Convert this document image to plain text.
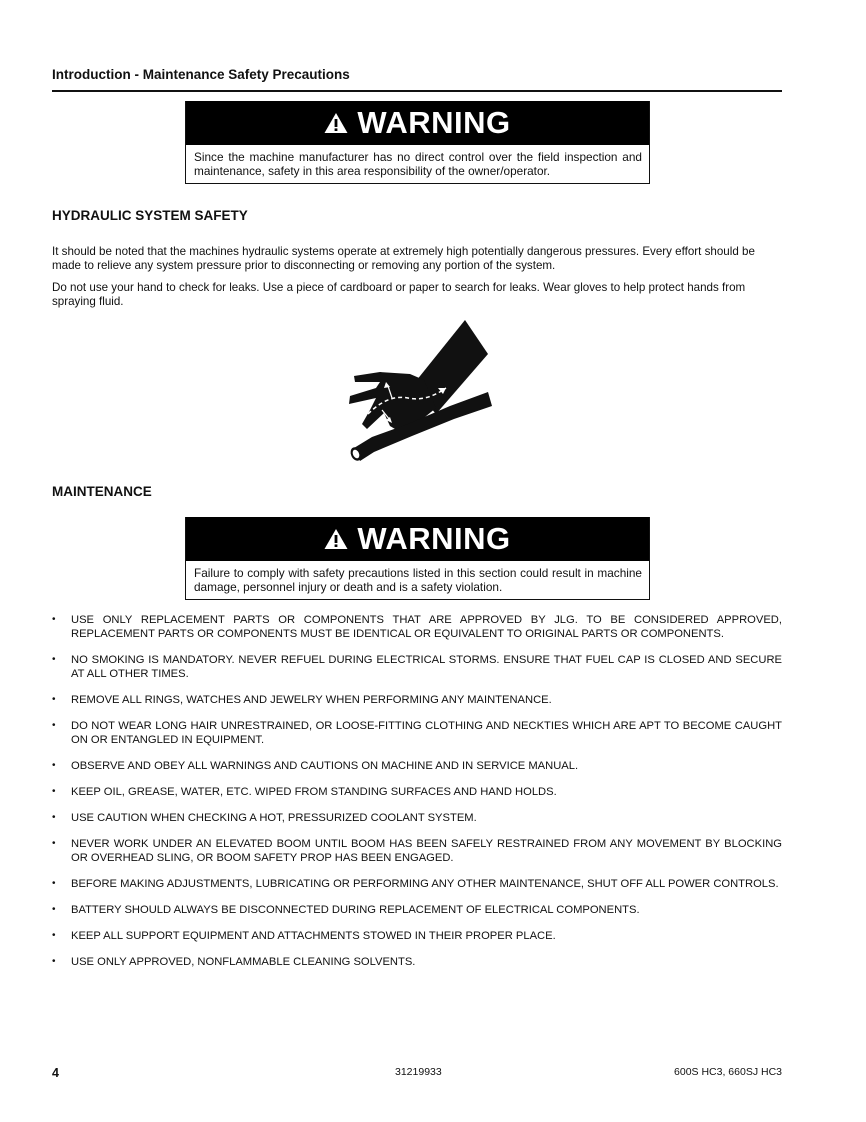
Introduction - Maintenance Safety Precautions
WARNING
Since the machine manufacturer has no direct control over the field inspection and maintenance, safety in this area responsibility of the owner/operator.
HYDRAULIC SYSTEM SAFETY
It should be noted that the machines hydraulic systems operate at extremely high potentially dangerous pressures. Every effort should be made to relieve any system pressure prior to disconnecting or removing any portion of the system.
Do not use your hand to check for leaks. Use a piece of cardboard or paper to search for leaks. Wear gloves to help protect hands from spraying fluid.
MAINTENANCE
WARNING
Failure to comply with safety precautions listed in this section could result in machine damage, personnel injury or death and is a safety violation.
• USE ONLY REPLACEMENT PARTS OR COMPONENTS THAT ARE APPROVED BY JLG. TO BE CONSIDERED APPROVED, REPLACEMENT PARTS OR COMPONENTS MUST BE IDENTICAL OR EQUIVALENT TO ORIGINAL PARTS OR COMPONENTS.
• NO SMOKING IS MANDATORY. NEVER REFUEL DURING ELECTRICAL STORMS. ENSURE THAT FUEL CAP IS CLOSED AND SECURE AT ALL OTHER TIMES.
• REMOVE ALL RINGS, WATCHES AND JEWELRY WHEN PERFORMING ANY MAINTENANCE.
• DO NOT WEAR LONG HAIR UNRESTRAINED, OR LOOSE-FITTING CLOTHING AND NECKTIES WHICH ARE APT TO BECOME CAUGHT ON OR ENTANGLED IN EQUIPMENT.
• OBSERVE AND OBEY ALL WARNINGS AND CAUTIONS ON MACHINE AND IN SERVICE MANUAL.
• KEEP OIL, GREASE, WATER, ETC. WIPED FROM STANDING SURFACES AND HAND HOLDS.
• USE CAUTION WHEN CHECKING A HOT, PRESSURIZED COOLANT SYSTEM.
• NEVER WORK UNDER AN ELEVATED BOOM UNTIL BOOM HAS BEEN SAFELY RESTRAINED FROM ANY MOVEMENT BY BLOCKING OR OVERHEAD SLING, OR BOOM SAFETY PROP HAS BEEN ENGAGED.
• BEFORE MAKING ADJUSTMENTS, LUBRICATING OR PERFORMING ANY OTHER MAINTENANCE, SHUT OFF ALL POWER CONTROLS.
• BATTERY SHOULD ALWAYS BE DISCONNECTED DURING REPLACEMENT OF ELECTRICAL COMPONENTS.
• KEEP ALL SUPPORT EQUIPMENT AND ATTACHMENTS STOWED IN THEIR PROPER PLACE.
• USE ONLY APPROVED, NONFLAMMABLE CLEANING SOLVENTS.
4	31219933	600S HC3, 660SJ HC3
